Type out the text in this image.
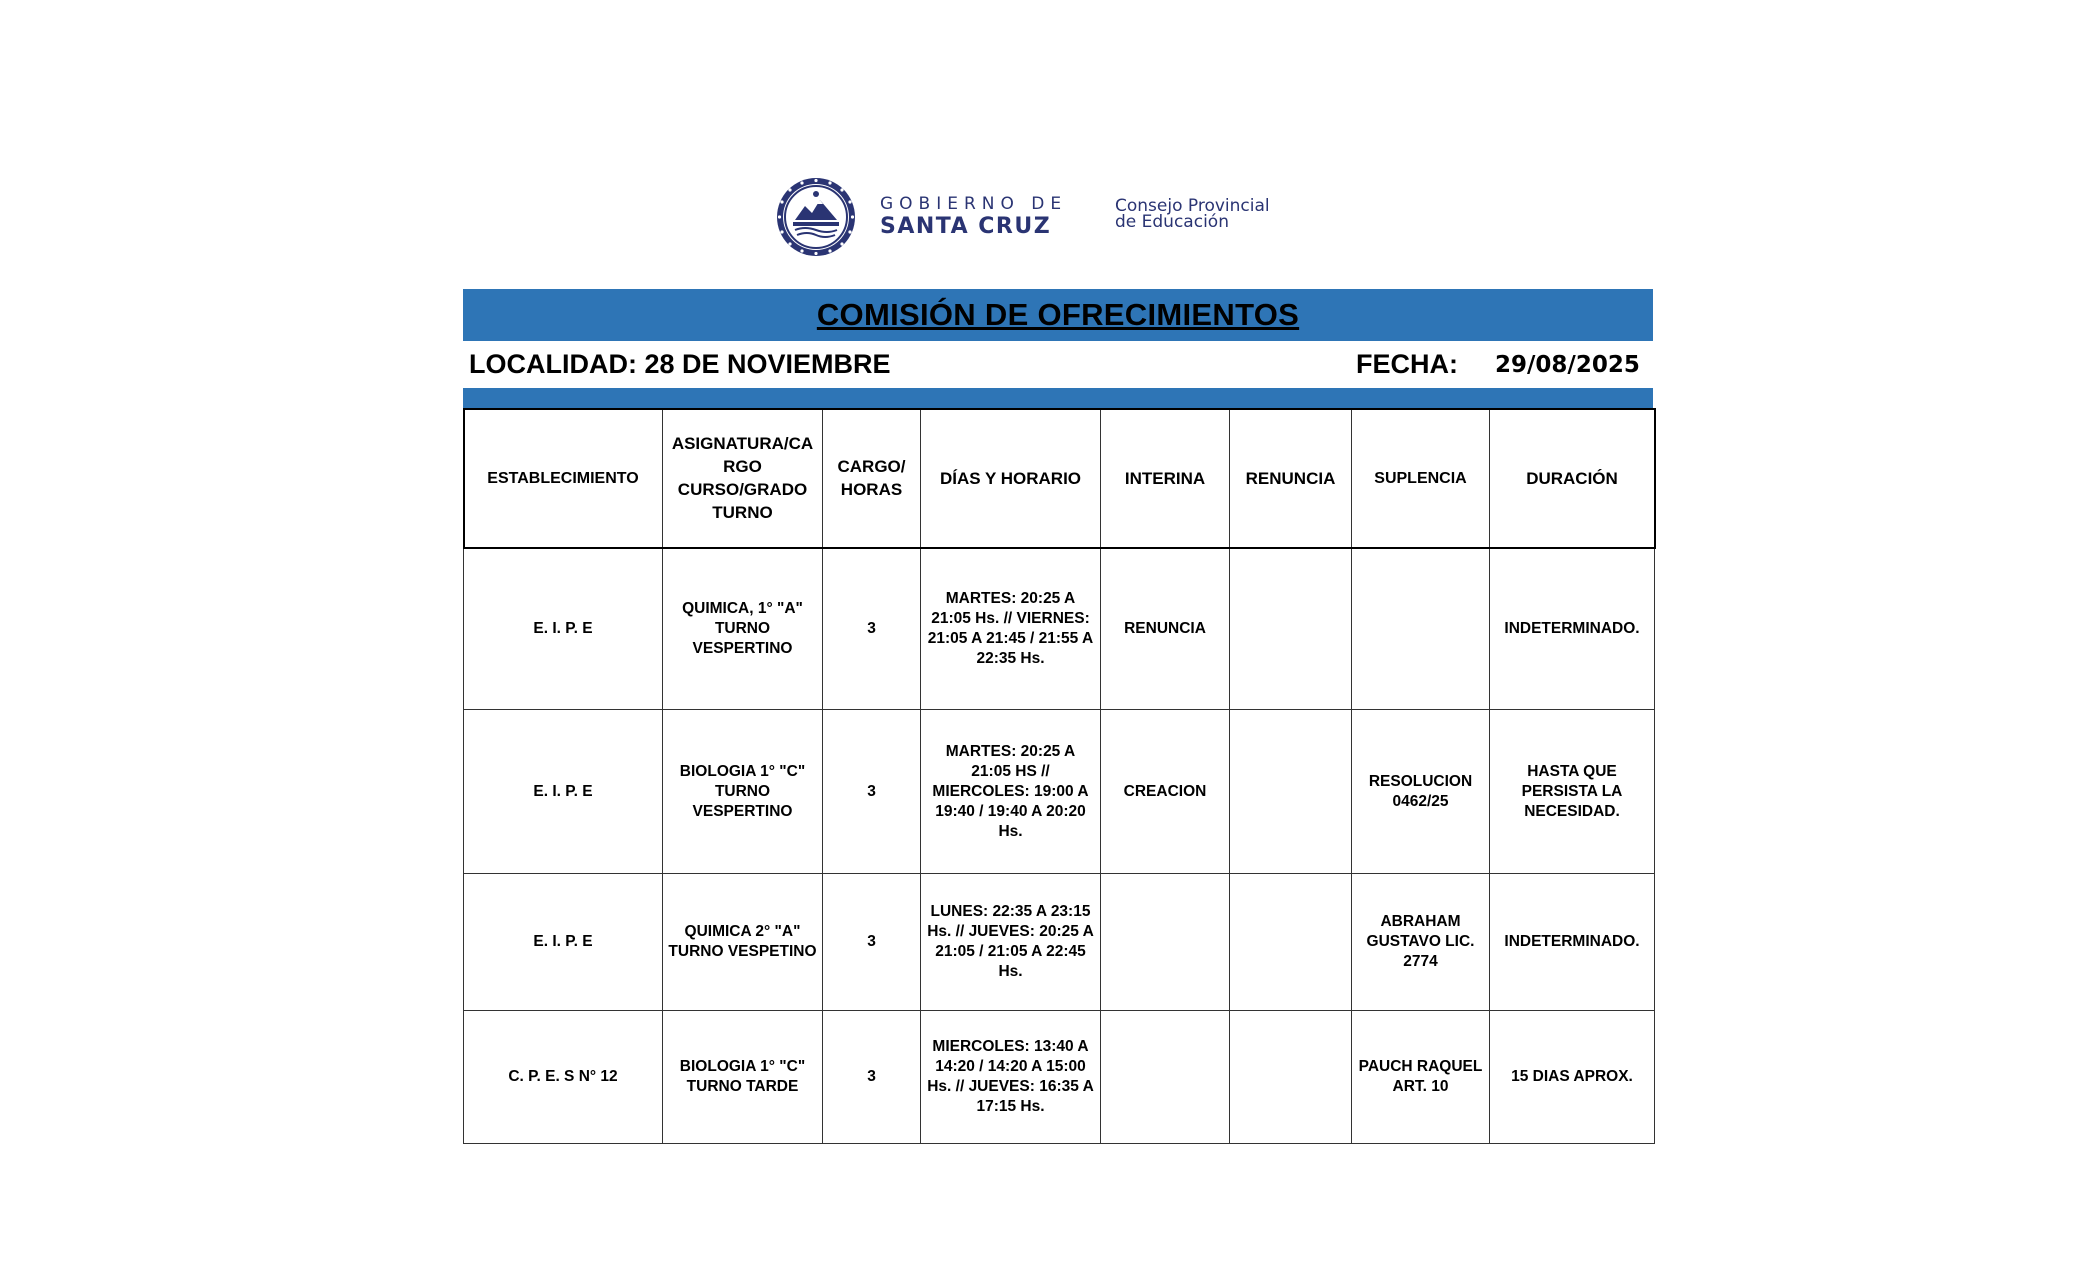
GOBIERNO DE
SANTA CRUZ
Consejo Provincial
de Educación
COMISIÓN DE OFRECIMIENTOS
LOCALIDAD: 28 DE NOVIEMBRE	FECHA: 29/08/2025
ESTABLECIMIENTO	ASIGNATURA/CA RGO CURSO/GRADO TURNO	CARGO/ HORAS	DÍAS Y HORARIO	INTERINA	RENUNCIA	SUPLENCIA	DURACIÓN
E. I. P. E	QUIMICA, 1° "A" TURNO VESPERTINO	3	MARTES: 20:25 A 21:05 Hs. // VIERNES: 21:05 A 21:45 / 21:55 A 22:35 Hs.	RENUNCIA			INDETERMINADO.
E. I. P. E	BIOLOGIA 1° "C" TURNO VESPERTINO	3	MARTES: 20:25 A 21:05 HS // MIERCOLES: 19:00 A 19:40 / 19:40 A 20:20 Hs.	CREACION		RESOLUCION 0462/25	HASTA QUE PERSISTA LA NECESIDAD.
E. I. P. E	QUIMICA 2° "A" TURNO VESPETINO	3	LUNES: 22:35 A 23:15 Hs. // JUEVES: 20:25 A 21:05 / 21:05 A 22:45 Hs.			ABRAHAM GUSTAVO LIC. 2774	INDETERMINADO.
C. P. E. S N° 12	BIOLOGIA 1° "C" TURNO TARDE	3	MIERCOLES: 13:40 A 14:20 / 14:20 A 15:00 Hs. // JUEVES: 16:35 A 17:15 Hs.			PAUCH RAQUEL ART. 10	15 DIAS APROX.
